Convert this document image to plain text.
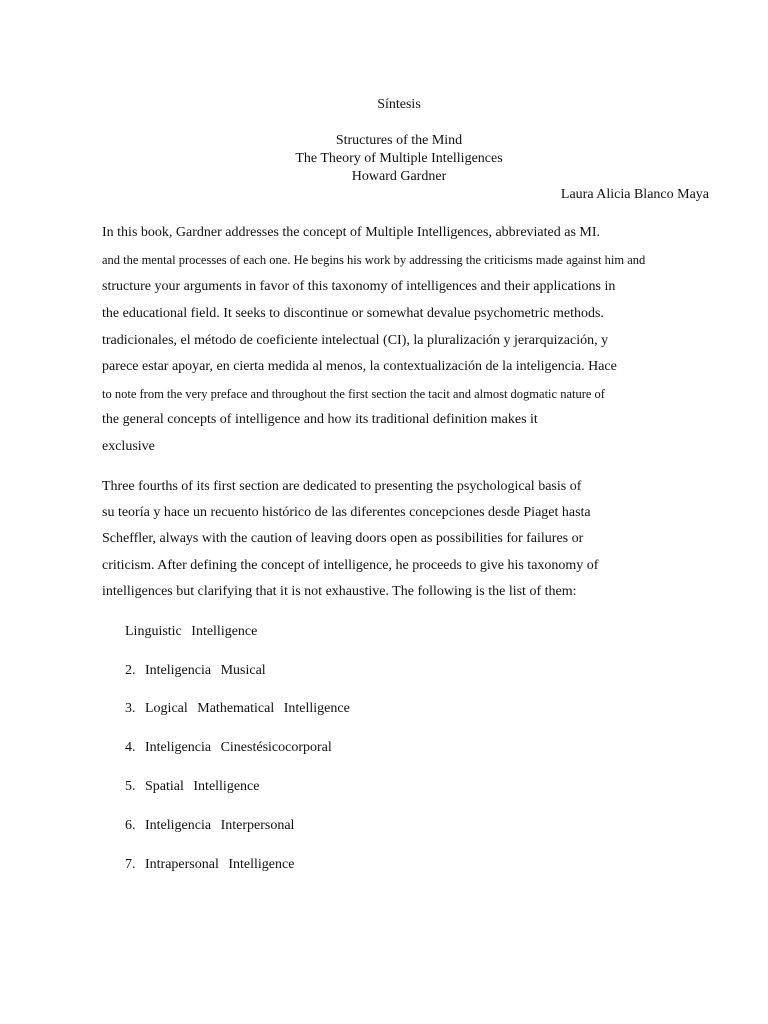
Síntesis
Structures of the Mind
The Theory of Multiple Intelligences
Howard Gardner
Laura Alicia Blanco Maya
In this book, Gardner addresses the concept of Multiple Intelligences, abbreviated as MI.
and the mental processes of each one. He begins his work by addressing the criticisms made against him and
structure your arguments in favor of this taxonomy of intelligences and their applications in
the educational field. It seeks to discontinue or somewhat devalue psychometric methods.
tradicionales, el método de coeficiente intelectual (CI), la pluralización y jerarquización, y
parece estar apoyar, en cierta medida al menos, la contextualización de la inteligencia. Hace
to note from the very preface and throughout the first section the tacit and almost dogmatic nature of
the general concepts of intelligence and how its traditional definition makes it
exclusive
Three fourths of its first section are dedicated to presenting the psychological basis of
su teoría y hace un recuento histórico de las diferentes concepciones desde Piaget hasta
Scheffler, always with the caution of leaving doors open as possibilities for failures or
criticism. After defining the concept of intelligence, he proceeds to give his taxonomy of
intelligences but clarifying that it is not exhaustive. The following is the list of them:
Linguistic Intelligence
2. Inteligencia Musical
3. Logical Mathematical Intelligence
4. Inteligencia Cinestésicocorporal
5. Spatial Intelligence
6. Inteligencia Interpersonal
7. Intrapersonal Intelligence
